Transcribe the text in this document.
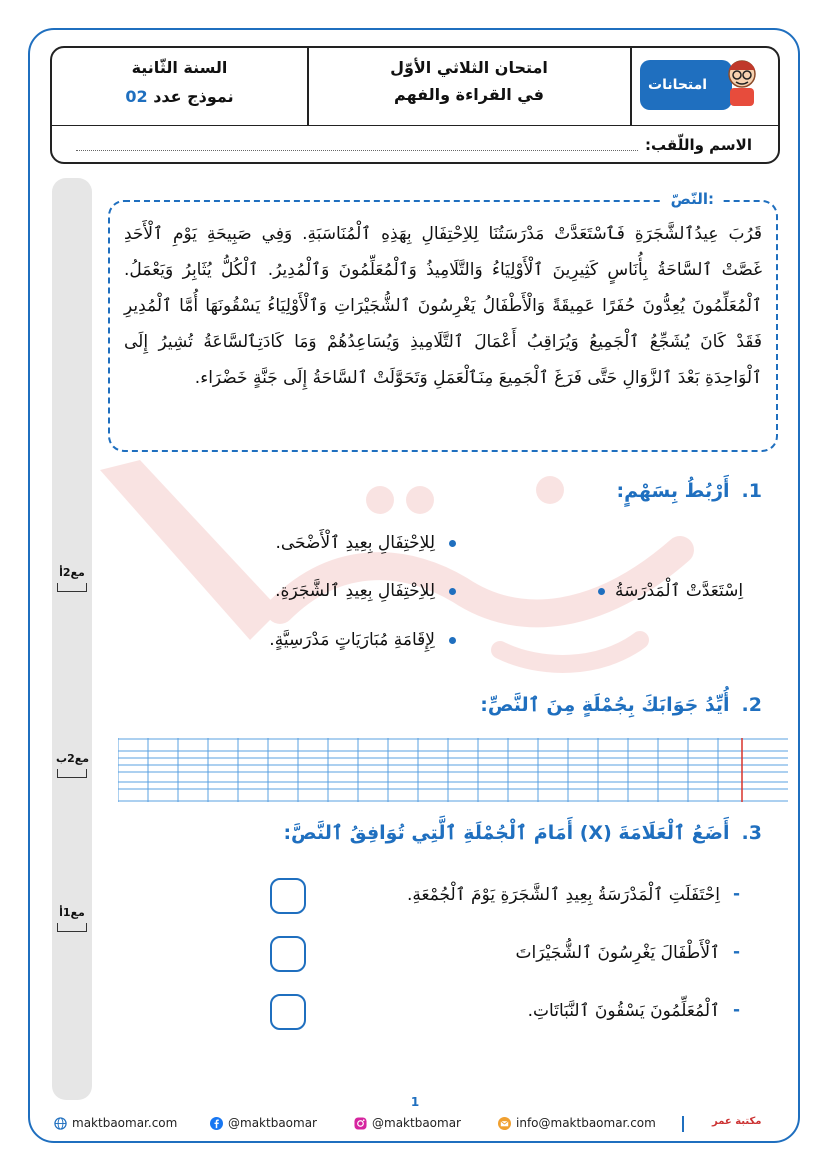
السنة الثّانية
نموذج عدد 02
امتحان الثلاثي الأوّل
في القراءة والفهم	امتحانات
الاسم واللّقب:
مع2أ
مع2ب
مع1أ
النّصّ:
قَرُبَ عِيدُٱلشَّجَرَةِ فَٱسْتَعَدَّتْ مَدْرَسَتُنَا لِلاِحْتِفَالِ بِهَذِهِ ٱلْمُنَاسَبَةِ. وَفِي صَبِيحَةِ يَوْمِ ٱلْأَحَدِ غَصَّتْ ٱلسَّاحَةُ بِأُنَاسٍ كَثِيرِينَ ٱلْأَوْلِيَاءُ وَالتَّلَامِيذُ وَٱلْمُعَلِّمُونَ وَٱلْمُدِيرُ. ٱلْكُلُّ يُثَابِرُ وَيَعْمَلُ. ٱلْمُعَلِّمُونَ يُعِدُّونَ حُفَرًا عَمِيقَةً وَالْأَطْفَالُ يَغْرِسُونَ ٱلشُّجَيْرَاتِ وَٱلْأَوْلِيَاءُ يَسْقُونَهَا أُمَّا ٱلْمُدِيرِ فَقَدْ كَانَ يُشَجِّعُ ٱلْجَمِيعُ وَيُرَاقِبُ أَعْمَالَ ٱلتَّلَامِيذِ وَيُسَاعِدُهُمْ وَمَا كَادَتِٱلسَّاعَةُ تُشِيرُ إِلَى ٱلْوَاحِدَةِ بَعْدَ ٱلزَّوَالِ حَتَّى فَرَغَ ٱلْجَمِيعَ مِنَٱلْعَمَلِ وَتَحَوَّلَتْ ٱلسَّاحَةُ إِلَى جَنَّةٍ خَضْرَاء.
1.أَرْبُطُ بِسَهْمٍ:
اِسْتَعَدَّتْ ٱلْمَدْرَسَةُ
لِلاِحْتِفَالِ بِعِيدِ ٱلْأَضْحَى.
لِلاِحْتِفَالِ بِعِيدِ ٱلشَّجَرَةِ.
لِإِقَامَةِ مُبَارَيَاتٍ مَدْرَسِيَّةٍ.
2.أُيِّدُ جَوَابَكَ بِجُمْلَةٍ مِنَ ٱلنَّصِّ:
3.أَضَعُ ٱلْعَلَامَةَ (X) أَمَامَ ٱلْجُمْلَةِ ٱلَّتِي تُوَافِقُ ٱلنَّصَّ:
-
اِحْتَفَلَتِ ٱلْمَدْرَسَةُ بِعِيدِ ٱلشَّجَرَةِ يَوْمَ ٱلْجُمْعَةِ.
-
ٱلْأَطْفَالَ يَغْرِسُونَ ٱلشُّجَيْرَاتَ
-
ٱلْمُعَلِّمُونَ يَسْقُونَ ٱلنَّبَاتَاتِ.
1
maktbaomar.com	@maktbaomar	@maktbaomar	info@maktbaomar.com	مكتبة عمر
